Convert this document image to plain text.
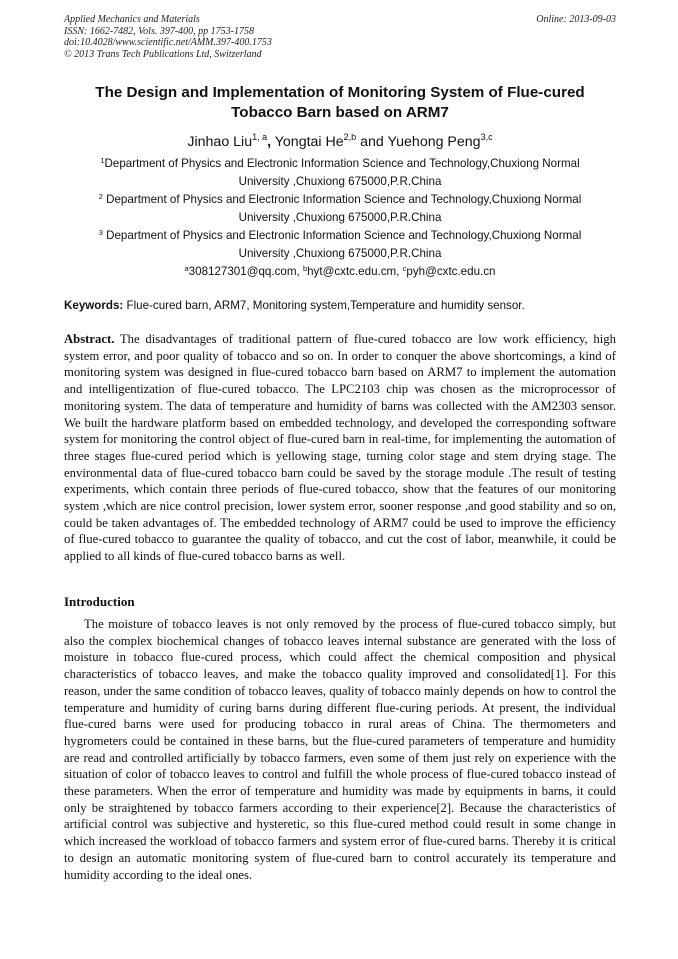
Applied Mechanics and Materials
ISSN: 1662-7482, Vols. 397-400, pp 1753-1758
doi:10.4028/www.scientific.net/AMM.397-400.1753
© 2013 Trans Tech Publications Ltd, Switzerland
Online: 2013-09-03
The Design and Implementation of Monitoring System of Flue-cured
Tobacco Barn based on ARM7
Jinhao Liu$^{1, a}$, Yongtai He$^{2,b}$ and Yuehong Peng$^{3,c}$
$^1$Department of Physics and Electronic Information Science and Technology,Chuxiong Normal
University ,Chuxiong 675000,P.R.China
$^2$ Department of Physics and Electronic Information Science and Technology,Chuxiong Normal
University ,Chuxiong 675000,P.R.China
$^3$ Department of Physics and Electronic Information Science and Technology,Chuxiong Normal
University ,Chuxiong 675000,P.R.China
$^a$308127301@qq.com, $^b$hyt@cxtc.edu.cm, $^c$pyh@cxtc.edu.cn
Keywords: Flue-cured barn, ARM7, Monitoring system,Temperature and humidity sensor.
Abstract. The disadvantages of traditional pattern of flue-cured tobacco are low work efficiency, high system error, and poor quality of tobacco and so on. In order to conquer the above shortcomings, a kind of monitoring system was designed in flue-cured tobacco barn based on ARM7 to implement the automation and intelligentization of flue-cured tobacco. The LPC2103 chip was chosen as the microprocessor of monitoring system. The data of temperature and humidity of barns was collected with the AM2303 sensor. We built the hardware platform based on embedded technology, and developed the corresponding software system for monitoring the control object of flue-cured barn in real-time, for implementing the automation of three stages flue-cured period which is yellowing stage, turning color stage and stem drying stage. The environmental data of flue-cured tobacco barn could be saved by the storage module .The result of testing experiments, which contain three periods of flue-cured tobacco, show that the features of our monitoring system ,which are nice control precision, lower system error, sooner response ,and good stability and so on, could be taken advantages of. The embedded technology of ARM7 could be used to improve the efficiency of flue-cured tobacco to guarantee the quality of tobacco, and cut the cost of labor, meanwhile, it could be applied to all kinds of flue-cured tobacco barns as well.
Introduction
The moisture of tobacco leaves is not only removed by the process of flue-cured tobacco simply, but also the complex biochemical changes of tobacco leaves internal substance are generated with the loss of moisture in tobacco flue-cured process, which could affect the chemical composition and physical characteristics of tobacco leaves, and make the tobacco quality improved and consolidated[1]. For this reason, under the same condition of tobacco leaves, quality of tobacco mainly depends on how to control the temperature and humidity of curing barns during different flue-curing periods. At present, the individual flue-cured barns were used for producing tobacco in rural areas of China. The thermometers and hygrometers could be contained in these barns, but the flue-cured parameters of temperature and humidity are read and controlled artificially by tobacco farmers, even some of them just rely on experience with the situation of color of tobacco leaves to control and fulfill the whole process of flue-cured tobacco instead of these parameters. When the error of temperature and humidity was made by equipments in barns, it could only be straightened by tobacco farmers according to their experience[2]. Because the characteristics of artificial control was subjective and hysteretic, so this flue-cured method could result in some change in which increased the workload of tobacco farmers and system error of flue-cured barns. Thereby it is critical to design an automatic monitoring system of flue-cured barn to control accurately its temperature and humidity according to the ideal ones.
